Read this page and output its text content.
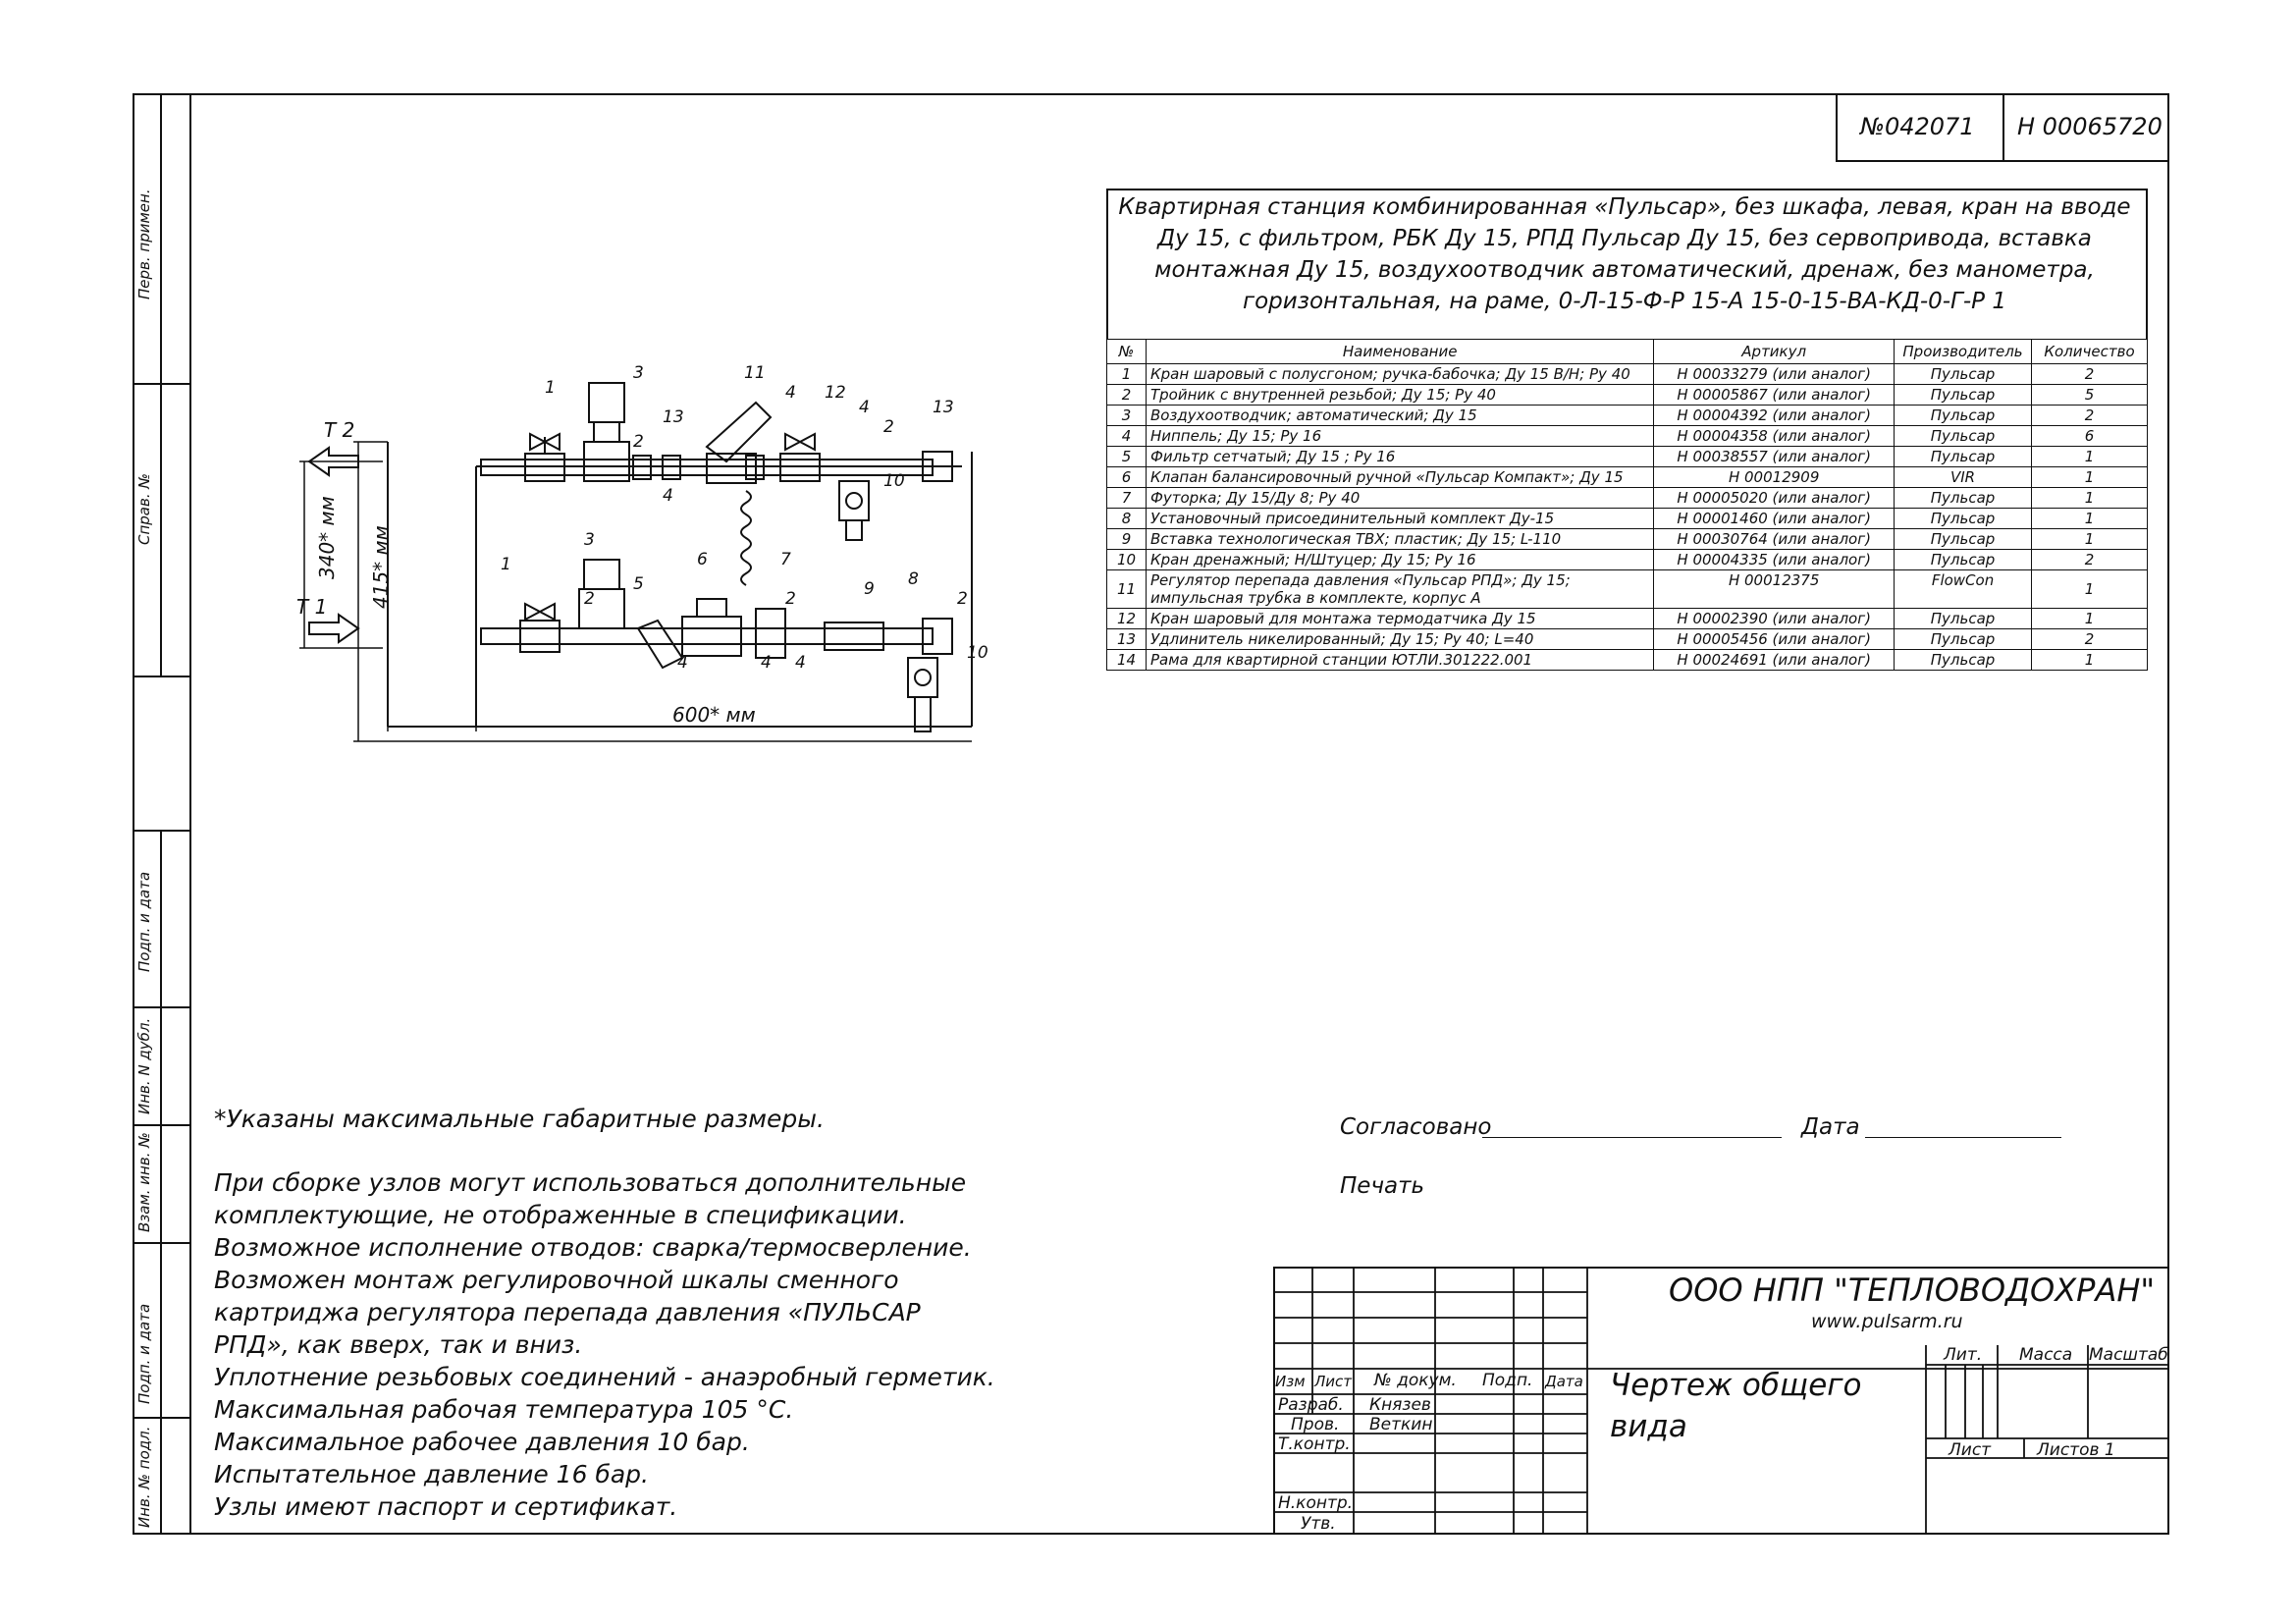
Перв. примен.
Справ. №
Подп. и дата
Инв. N дубл.
Взам. инв. №
Подп. и дата
Инв. № подл.
№042071 Н 00065720
Квартирная станция комбинированная «Пульсар», без шкафа, левая, кран на вводе
Ду 15, с фильтром, РБК Ду 15, РПД Пульсар Ду 15, без сервопривода, вставка
монтажная Ду 15, воздухоотводчик автоматический, дренаж, без манометра,
горизонтальная, на раме, 0-Л-15-Ф-Р 15-А 15-0-15-ВА-КД-0-Г-Р 1
№	Наименование	Артикул	Производитель	Количество
1	Кран шаровый с полусгоном; ручка-бабочка; Ду 15 В/Н; Ру 40	Н 00033279 (или аналог)	Пульсар	2
2	Тройник с внутренней резьбой; Ду 15; Ру 40	Н 00005867 (или аналог)	Пульсар	5
3	Воздухоотводчик; автоматический; Ду 15	Н 00004392 (или аналог)	Пульсар	2
4	Ниппель; Ду 15; Ру 16	Н 00004358 (или аналог)	Пульсар	6
5	Фильтр сетчатый; Ду 15 ; Ру 16	Н 00038557 (или аналог)	Пульсар	1
6	Клапан балансировочный ручной «Пульсар Компакт»; Ду 15	Н 00012909	VIR	1
7	Футорка; Ду 15/Ду 8; Ру 40	Н 00005020 (или аналог)	Пульсар	1
8	Установочный присоединительный комплект Ду-15	Н 00001460 (или аналог)	Пульсар	1
9	Вставка технологическая ТВХ; пластик; Ду 15; L-110	Н 00030764 (или аналог)	Пульсар	1
10	Кран дренажный; Н/Штуцер; Ду 15; Ру 16	Н 00004335 (или аналог)	Пульсар	2
11	Регулятор перепада давления «Пульсар РПД»; Ду 15; импульсная трубка в комплекте, корпус А	Н 00012375	FlowCon	1
12	Кран шаровый для монтажа термодатчика Ду 15	Н 00002390 (или аналог)	Пульсар	1
13	Удлинитель никелированный; Ду 15; Ру 40; L=40	Н 00005456 (или аналог)	Пульсар	2
14	Рама для квартирной станции ЮТЛИ.301222.001	Н 00024691 (или аналог)	Пульсар	1
Т 2
Т 1
340* мм 415* мм
600* мм
1
3
13
11
4 12
4
2
13
10
4
2
1
3
2
5
6	7
2	9 8
2
10
4	4 4
*Указаны максимальные габаритные размеры.
При сборке узлов могут использоваться дополнительные
комплектующие, не отображенные в спецификации.
Возможное исполнение отводов: сварка/термосверление.
Возможен монтаж регулировочной шкалы сменного
картриджа регулятора перепада давления «ПУЛЬСАР
РПД», как вверх, так и вниз.
Уплотнение резьбовых соединений - анаэробный герметик.
Максимальная рабочая температура 105 °С.
Максимальное рабочее давления 10 бар.
Испытательное давление 16 бар.
Узлы имеют паспорт и сертификат.
Согласовано	Дата
Печать
ООО НПП "ТЕПЛОВОДОХРАН"
www.pulsarm.ru
Чертеж общего
вида
Изм Лист № докум. Подп. Дата
Разраб. Князев
Пров. Веткин
Т.контр.
Н.контр.
Утв.
Лит. Масса Масштаб
Лист	Листов 1
